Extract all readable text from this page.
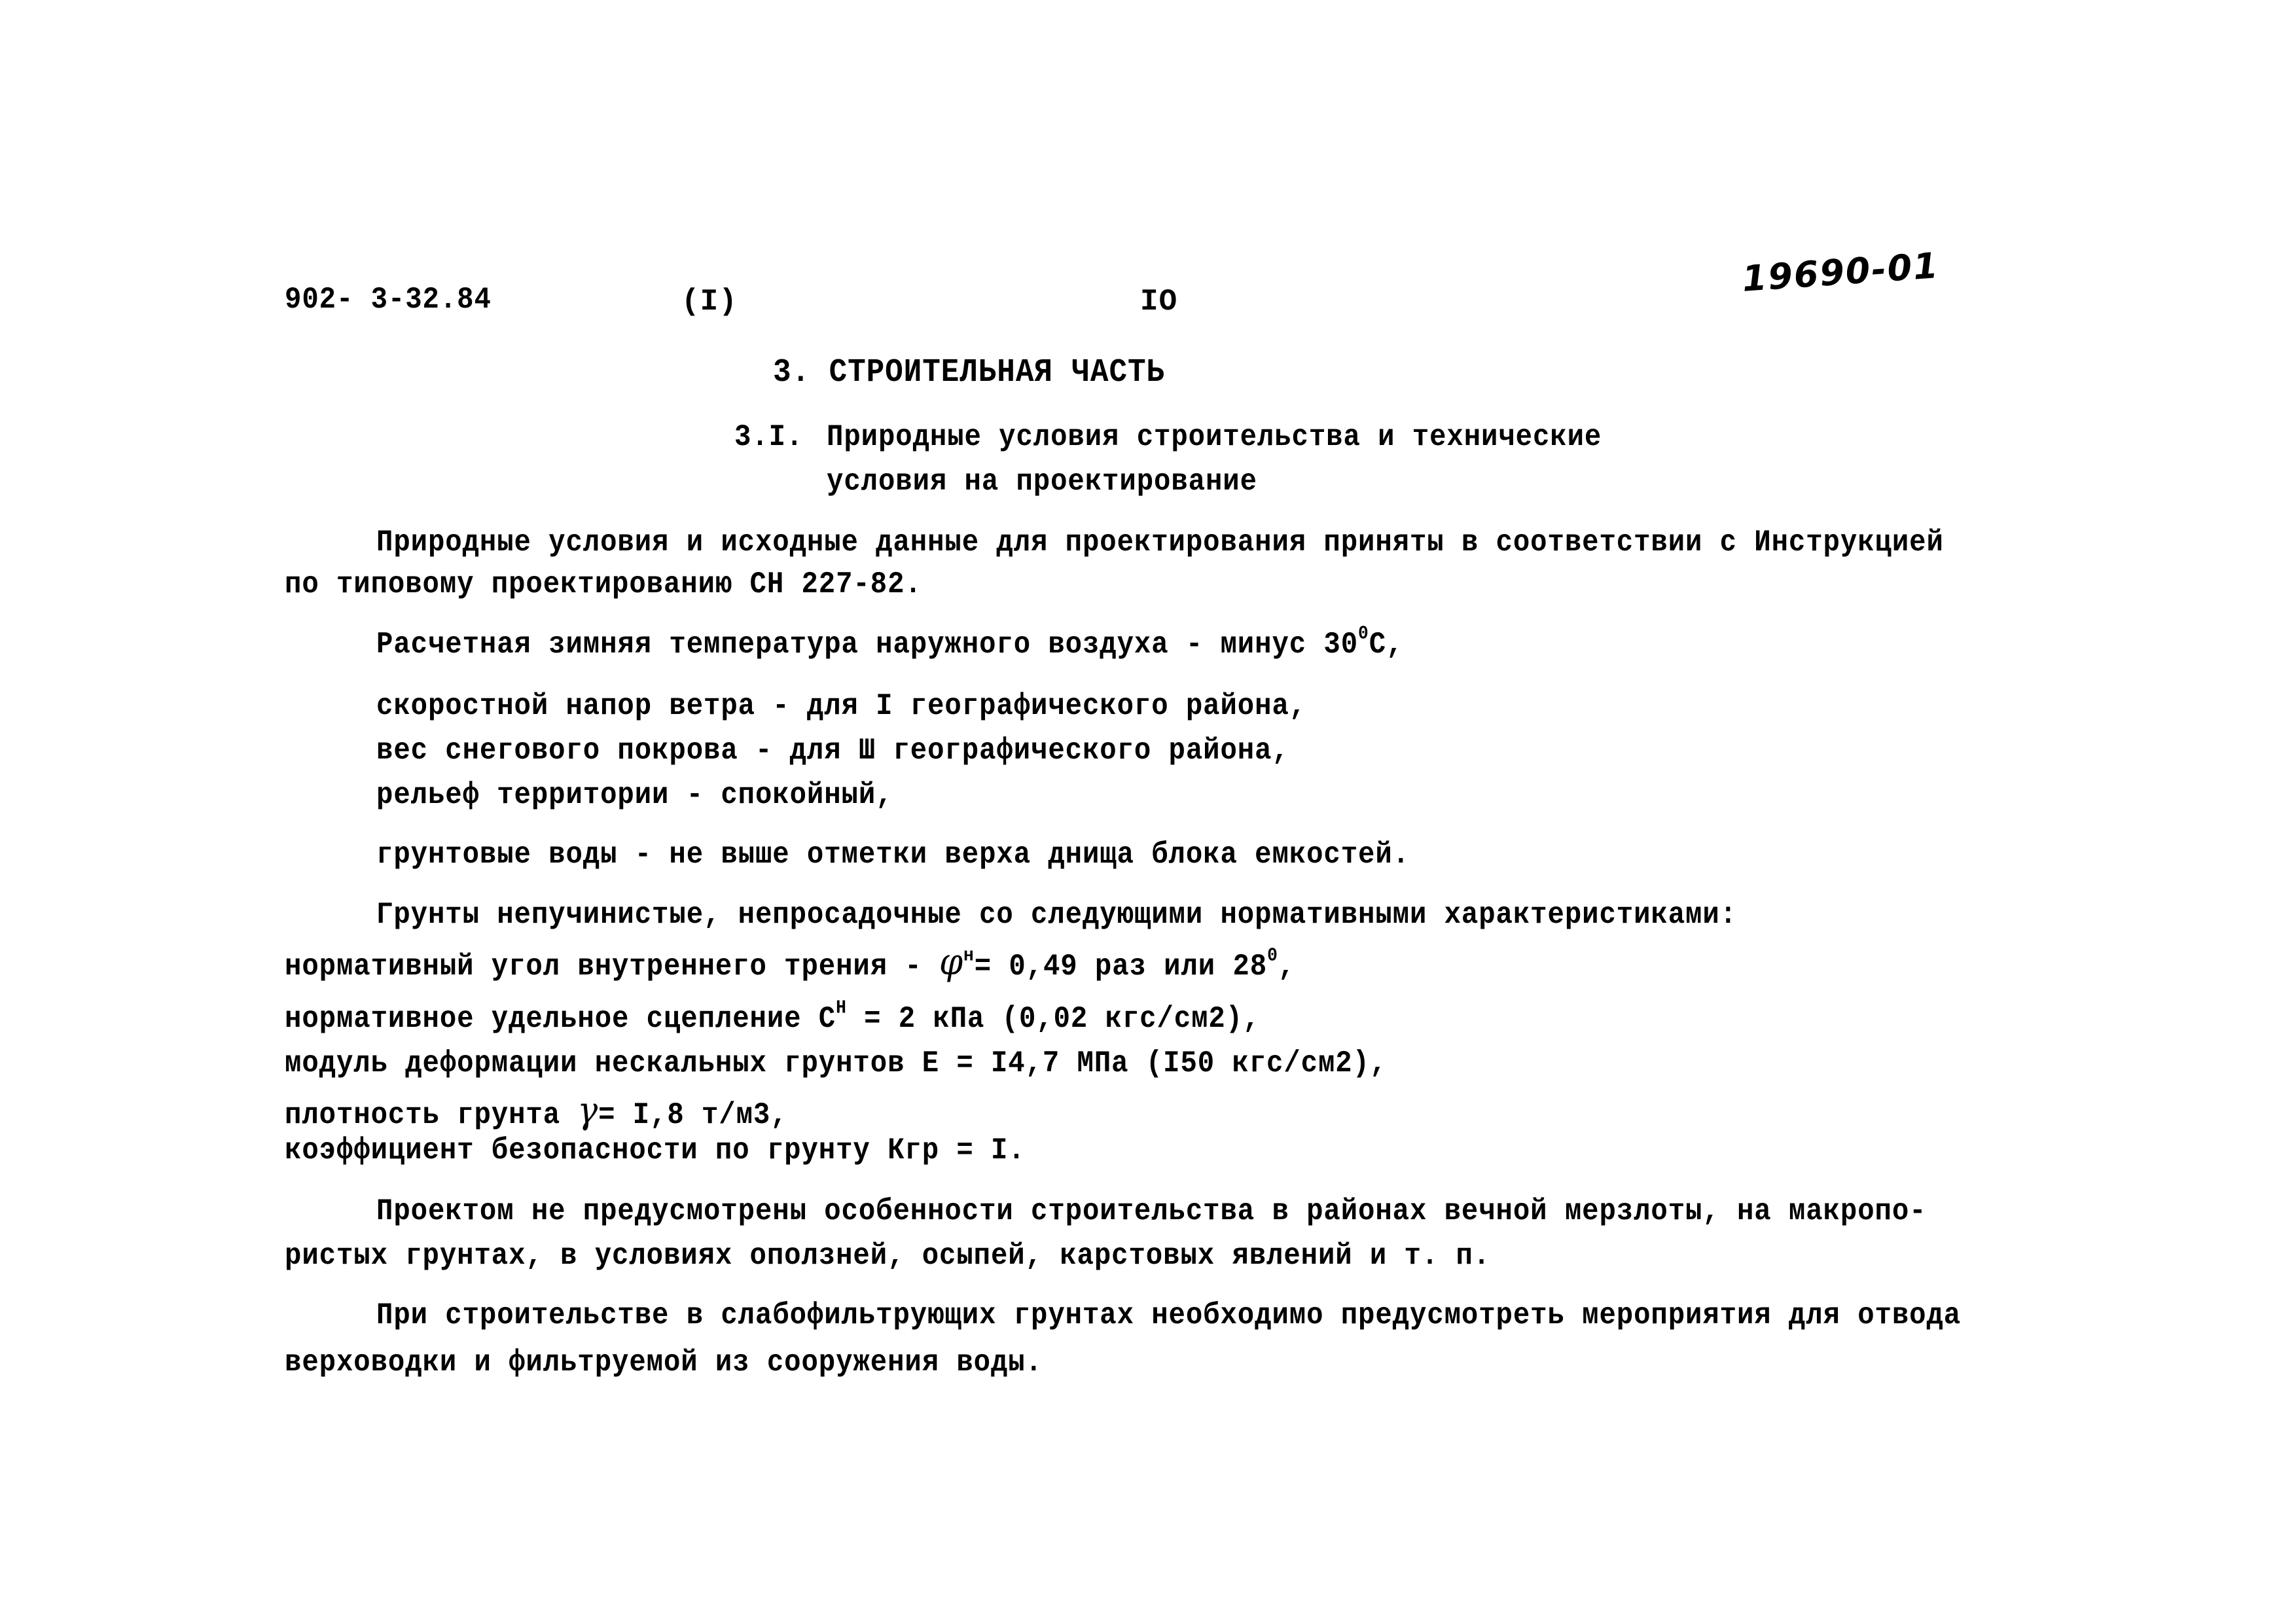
902- 3-32.84	(I)	IO
19690-01
3. СТРОИТЕЛЬНАЯ ЧАСТЬ
3.I. Природные условия строительства и технические
условия на проектирование
Природные условия и исходные данные для проектирования приняты в соответствии с Инструкцией
по типовому проектированию СН 227-82.
Расчетная зимняя температура наружного воздуха - минус $30^0С$,
скоростной напор ветра - для I географического района,
вес снегового покрова - для Ш географического района,
рельеф территории - спокойный,
грунтовые воды - не выше отметки верха днища блока емкостей.
Грунты непучинистые, непросадочные со следующими нормативными характеристиками:
нормативный угол внутреннего трения - $\varphi^н= 0,49$ раз или $28^0$,
нормативное удельное сцепление $С^Н = 2$ кПа (0,02 кгс/см2),
модуль деформации нескальных грунтов Е = I4,7 МПа (I50 кгс/см2),
плотность грунта γ= I,8 т/м3,
коэффициент безопасности по грунту Кгр = I.
Проектом не предусмотрены особенности строительства в районах вечной мерзлоты, на макропо-
ристых грунтах, в условиях оползней, осыпей, карстовых явлений и т. п.
При строительстве в слабофильтрующих грунтах необходимо предусмотреть мероприятия для отвода
верховодки и фильтруемой из сооружения воды.
